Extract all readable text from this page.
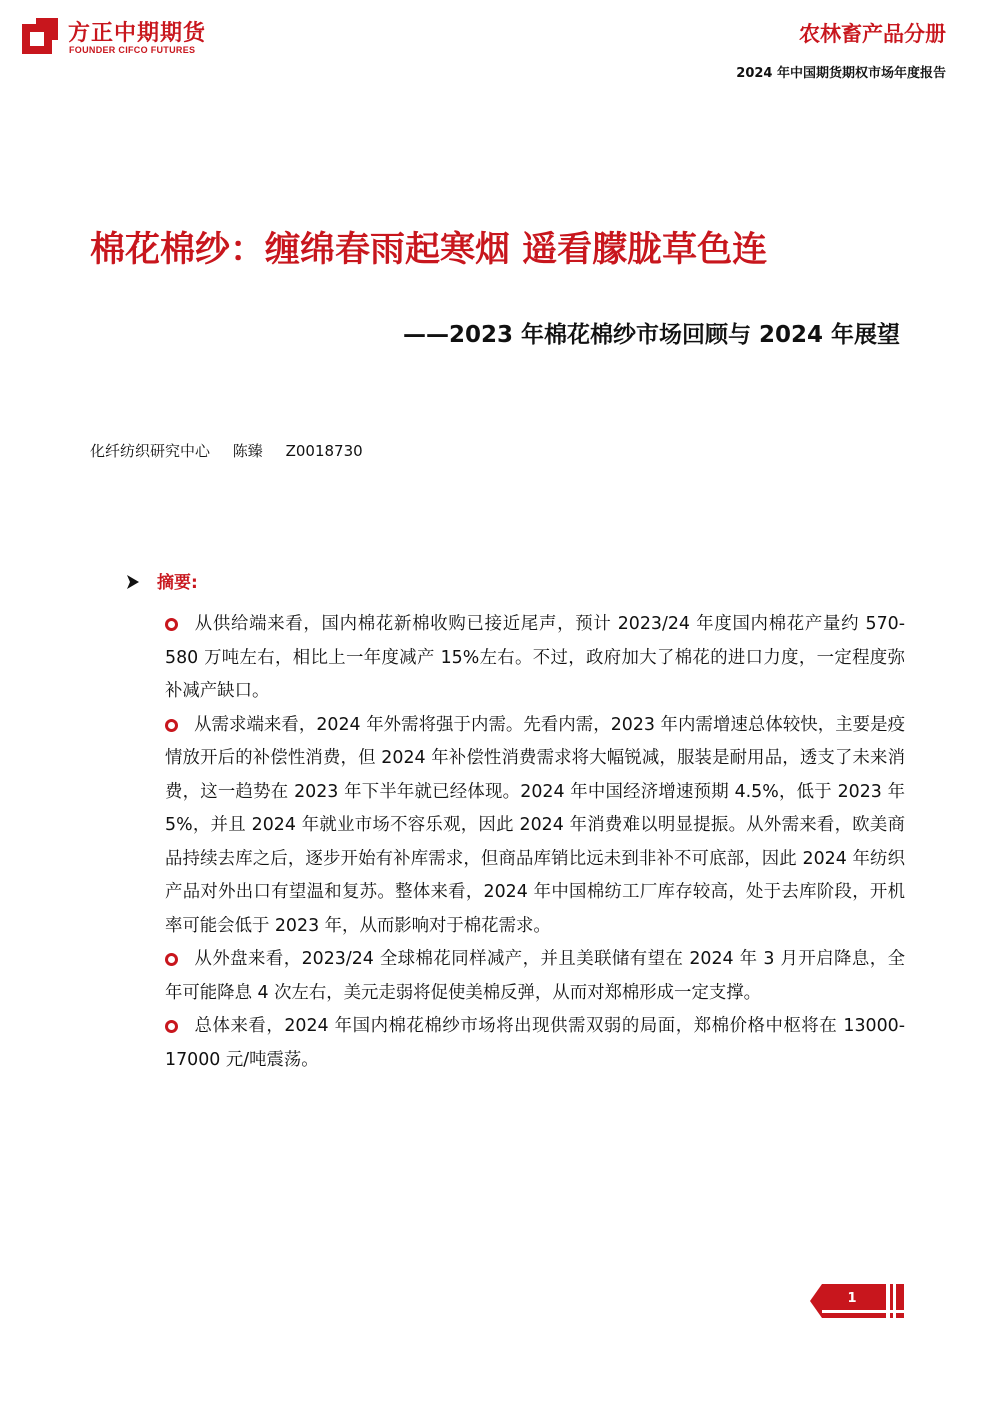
方正中期期货
FOUNDER CIFCO FUTURES
农林畜产品分册
2024 年中国期货期权市场年度报告
棉花棉纱：缠绵春雨起寒烟 遥看朦胧草色连
——2023 年棉花棉纱市场回顾与 2024 年展望
化纤纺织研究中心 陈臻 Z0018730
摘要:
从供给端来看，国内棉花新棉收购已接近尾声，预计 2023/24 年度国内棉花产量约 570-580 万吨左右，相比上一年度减产 15%左右。不过，政府加大了棉花的进口力度，一定程度弥补减产缺口。
从需求端来看，2024 年外需将强于内需。先看内需，2023 年内需增速总体较快，主要是疫情放开后的补偿性消费，但 2024 年补偿性消费需求将大幅锐减，服装是耐用品，透支了未来消费，这一趋势在 2023 年下半年就已经体现。2024 年中国经济增速预期 4.5%，低于 2023 年 5%，并且 2024 年就业市场不容乐观，因此 2024 年消费难以明显提振。从外需来看，欧美商品持续去库之后，逐步开始有补库需求，但商品库销比远未到非补不可底部，因此 2024 年纺织产品对外出口有望温和复苏。整体来看，2024 年中国棉纺工厂库存较高，处于去库阶段，开机率可能会低于 2023 年，从而影响对于棉花需求。
从外盘来看，2023/24 全球棉花同样减产，并且美联储有望在 2024 年 3 月开启降息，全年可能降息 4 次左右，美元走弱将促使美棉反弹，从而对郑棉形成一定支撑。
总体来看，2024 年国内棉花棉纱市场将出现供需双弱的局面，郑棉价格中枢将在 13000-17000 元/吨震荡。
1
